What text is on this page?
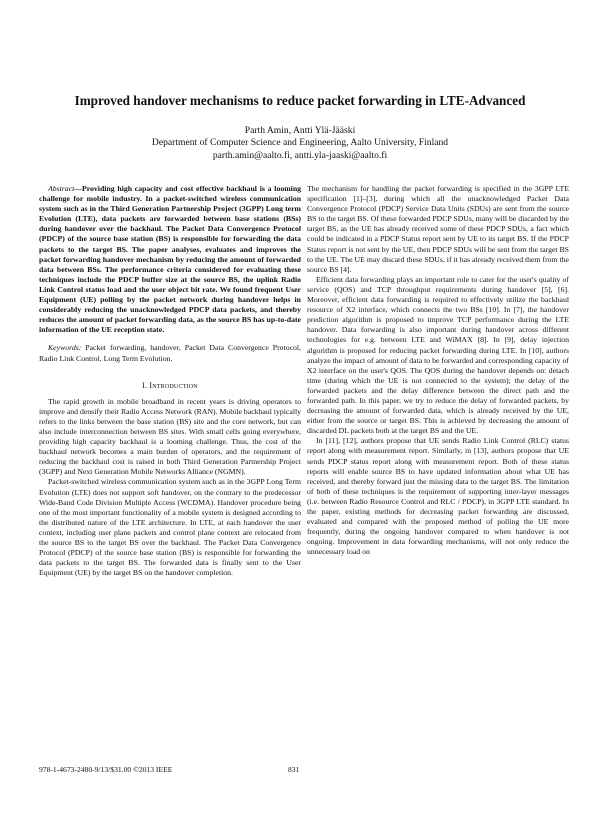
Improved handover mechanisms to reduce packet forwarding in LTE-Advanced
Parth Amin, Antti Ylä-Jääski
Department of Computer Science and Engineering, Aalto University, Finland
parth.amin@aalto.fi, antti.yla-jaaski@aalto.fi

Abstract—Providing high capacity and cost effective backhaul is a looming challenge for mobile industry. In a packet-switched wireless communication system such as in the Third Generation Partnership Project (3GPP) Long term Evolution (LTE), data packets are forwarded between base stations (BSs) during handover over the backhaul. The Packet Data Convergence Protocol (PDCP) of the source base station (BS) is responsible for forwarding the data packets to the target BS. The paper analyses, evaluates and improves the packet forwarding handover mechanism by reducing the amount of forwarded data between BSs. The performance criteria considered for evaluating these techniques include the PDCP buffer size at the source BS, the uplink Radio Link Control status load and the user object bit rate. We found frequent User Equipment (UE) polling by the packet network during handover helps in considerably reducing the unacknowledged PDCP data packets, and thereby reduces the amount of packet forwarding data, as the source BS has up-to-date information of the UE reception state.

Keywords: Packet forwarding, handover, Packet Data Convergence Protocol, Radio Link Control, Long Term Evolution.

I. Introduction

The rapid growth in mobile broadband in recent years is driving operators to improve and densify their Radio Access Network (RAN). Mobile backhaul typically refers to the links between the base station (BS) site and the core network, but can also include interconnection between BS sites. With small cells going everywhere, providing high capacity backhaul is a looming challenge. Thus, the cost of the backhaul network becomes a main burden of operators, and the requirement of reducing the backhaul cost is raised in both Third Generation Partnership Project (3GPP) and Next Generation Mobile Networks Alliance (NGMN).

Packet-switched wireless communication system such as in the 3GPP Long Term Evolution (LTE) does not support soft handover, on the contrary to the predecessor Wide-Band Code Division Multiple Access (WCDMA). Handover procedure being one of the most important functionality of a mobile system is designed according to the distributed nature of the LTE architecture. In LTE, at each handover the user context, including user plane packets and control plane context are relocated from the source BS to the target BS over the backhaul. The Packet Data Convergence Protocol (PDCP) of the source base station (BS) is responsible for forwarding the data packets to the target BS. The forwarded data is finally sent to the User Equipment (UE) by the target BS on the handover completion.

The mechanism for handling the packet forwarding is specified in the 3GPP LTE specification [1]–[3], during which all the unacknowledged Packet Data Convergence Protocol (PDCP) Service Data Units (SDUs) are sent from the source BS to the target BS. Of these forwarded PDCP SDUs, many will be discarded by the target BS, as the UE has already received some of these PDCP SDUs, a fact which could be indicated in a PDCP Status report sent by UE to its target BS. If the PDCP Status report is not sent by the UE, then PDCP SDUs will be sent from the target BS to the UE. The UE may discard these SDUs, if it has already received them from the source BS [4].

Efficient data forwarding plays an important role to cater for the user's quality of service (QOS) and TCP throughput requirements during handover [5], [6]. Moreover, efficient data forwarding is required to effectively utilize the backhaul resource of X2 interface, which connects the two BSs [10]. In [7], the handover prediction algorithm is proposed to improve TCP performance during the LTE handover. Data forwarding is also important during handover across different technologies for e.g. between LTE and WiMAX [8]. In [9], delay injection algorithm is proposed for reducing packet forwarding during LTE. In [10], authors analyze the impact of amount of data to be forwarded and corresponding capacity of X2 interface on the user's QOS. The QOS during the handover depends on: detach time (during which the UE is not connected to the system); the delay of the forwarded packets and the delay difference between the direct path and the forwarded path. In this paper, we try to reduce the delay of forwarded packets, by decreasing the amount of forwarded data, which is already received by the UE, either from the source or target BS. This is achieved by decreasing the amount of discarded DL packets both at the target BS and the UE.

In [11], [12], authors propose that UE sends Radio Link Control (RLC) status report along with measurement report. Similarly, in [13], authors propose that UE sends PDCP status report along with measurement report. Both of these status reports will enable source BS to have updated information about what UE has received, and thereby forward just the missing data to the target BS. The limitation of both of these techniques is the requirement of supporting inter-layer messages (i.e. between Radio Resource Control and RLC / PDCP), in 3GPP LTE standard. In the paper, existing methods for decreasing packet forwarding are discussed, evaluated and compared with the proposed method of polling the UE more frequently, during the ongoing handover compared to when handover is not ongoing. Improvement in data forwarding mechanisms, will not only reduce the unnecessary load on

978-1-4673-2480-9/13/$31.00 ©2013 IEEE	831
